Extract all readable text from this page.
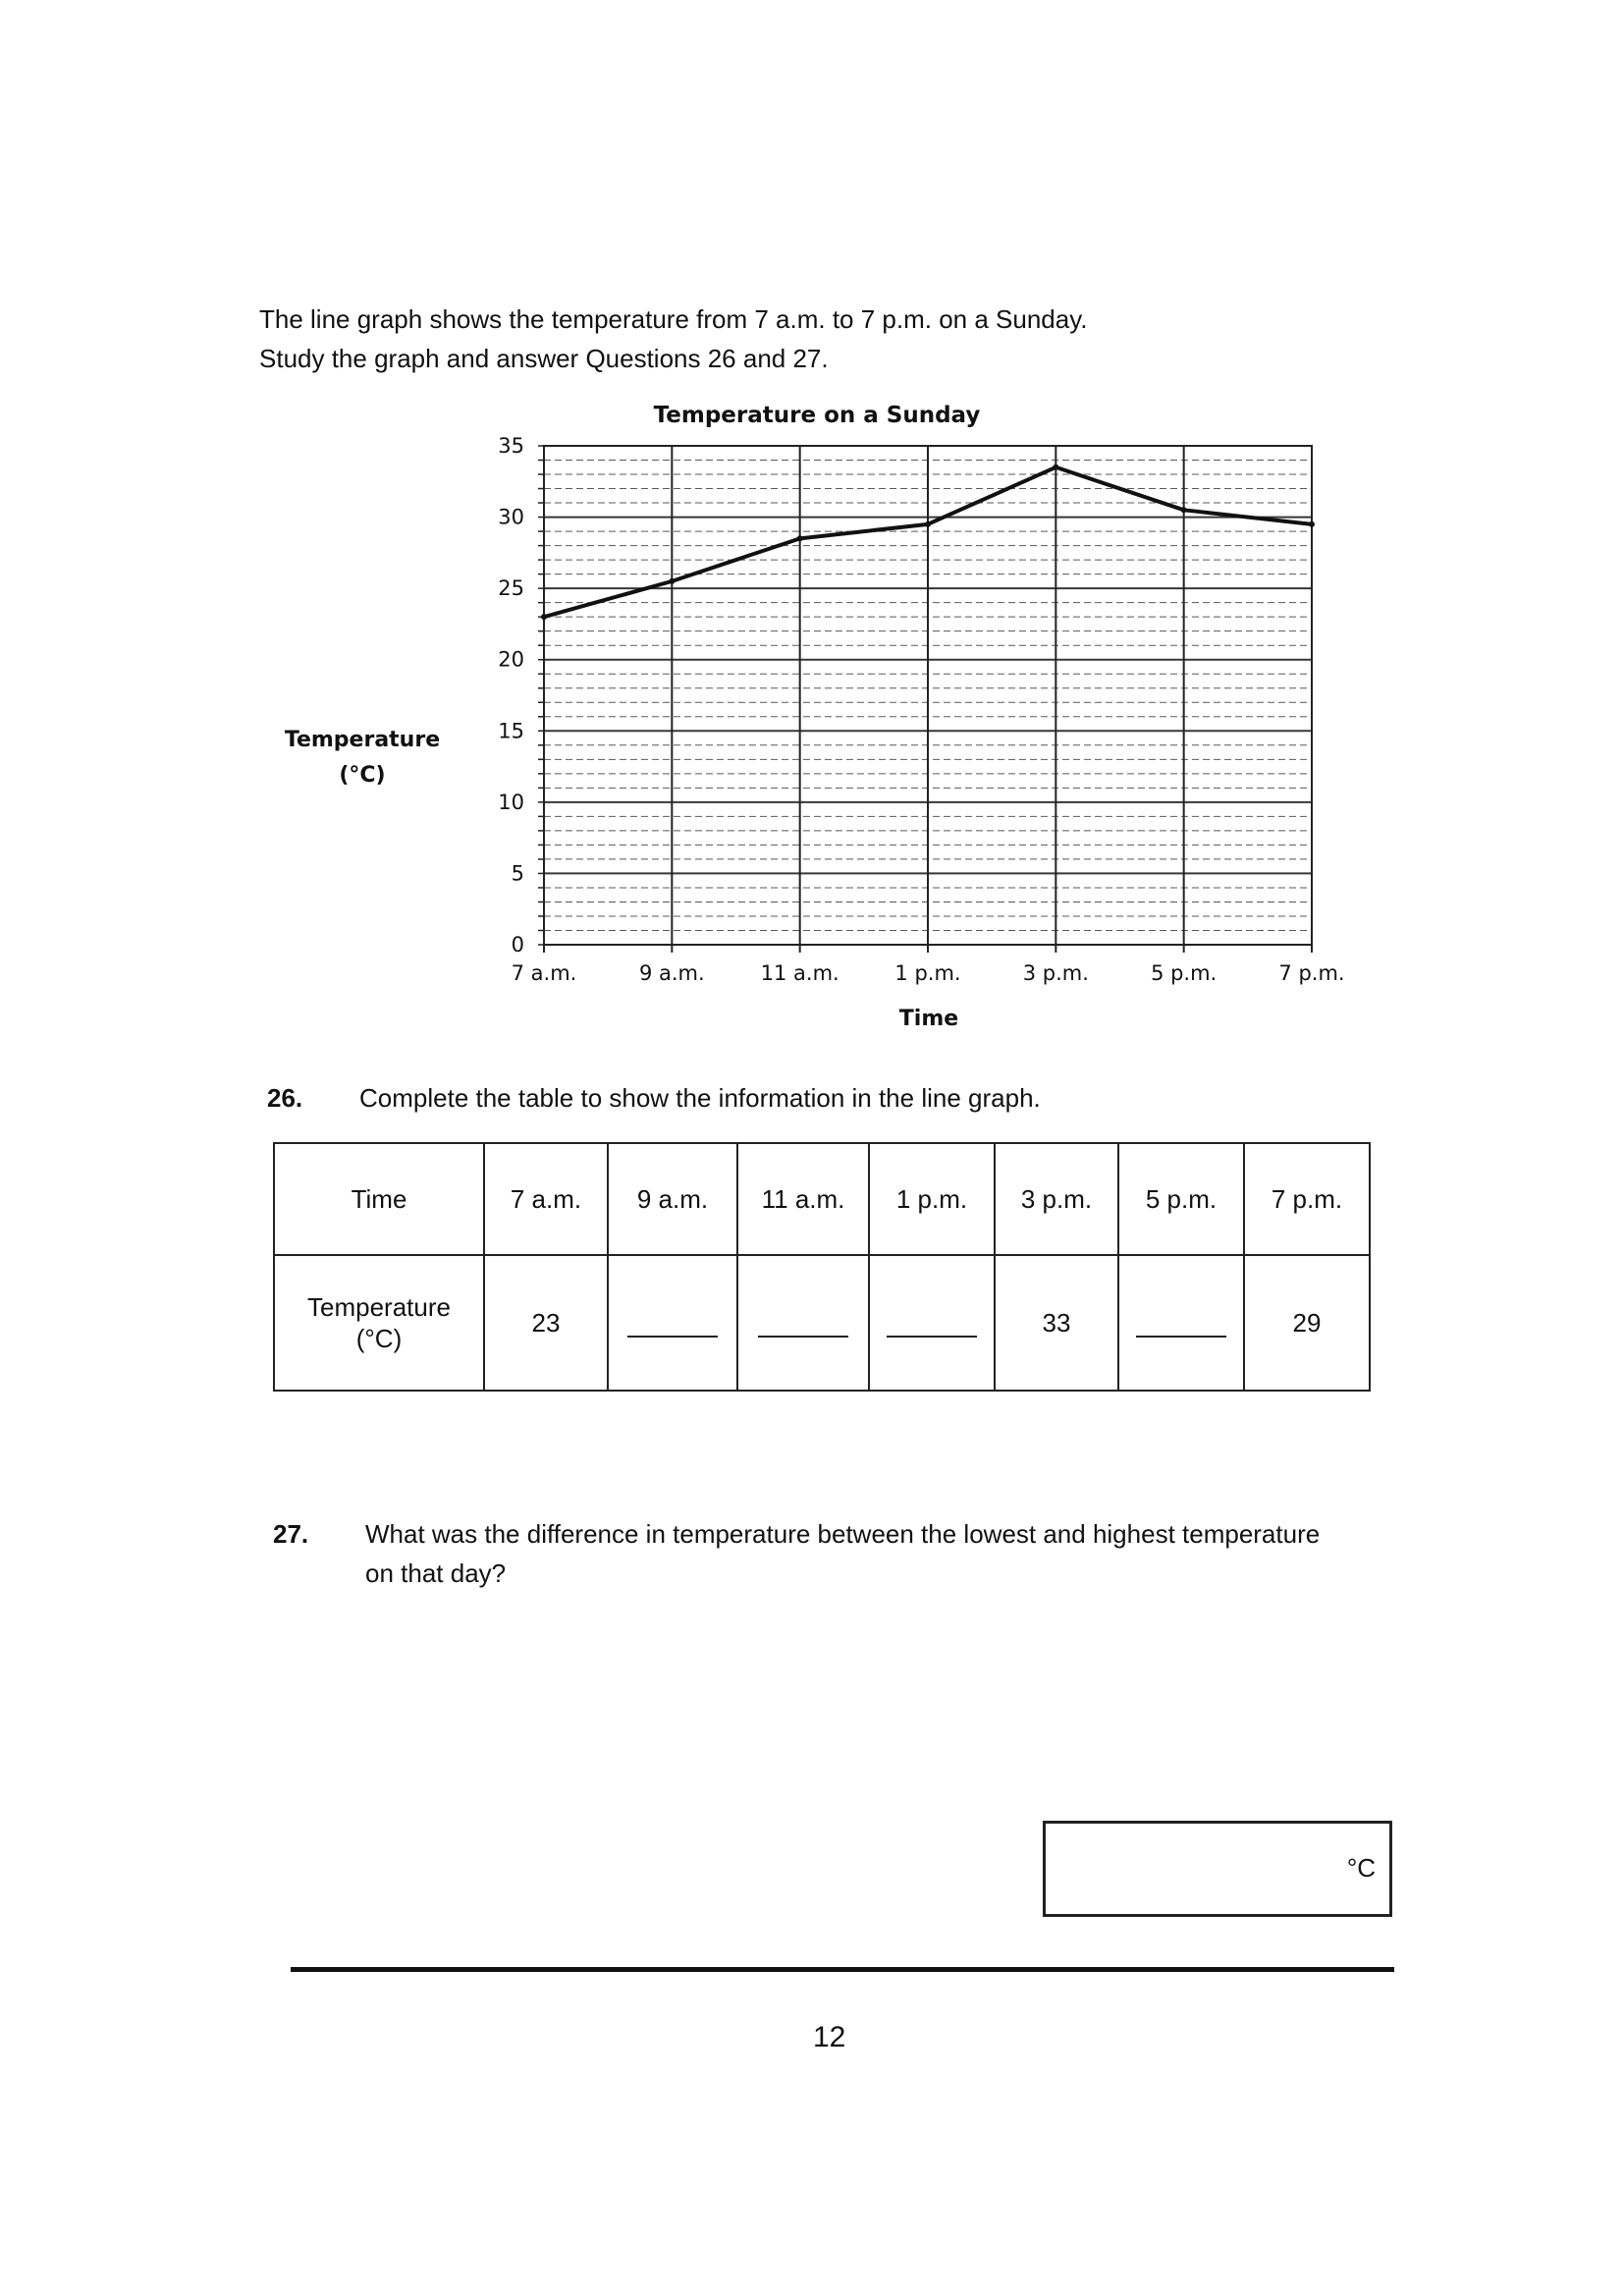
The line graph shows the temperature from 7 a.m. to 7 p.m. on a Sunday.
Study the graph and answer Questions 26 and 27.
Temperature on a Sunday
0
5
10
15
20
25
30
35
7 a.m.	9 a.m.	11 a.m.	1 p.m.	3 p.m.	5 p.m.	7 p.m.
Temperature
(°C)
Time
26. Complete the table to show the information in the line graph.
Time	7 a.m.	9 a.m.	11 a.m.	1 p.m.	3 p.m.	5 p.m.	7 p.m.

Temperature
(°C)	23				33		29
27. What was the difference in temperature between the lowest and highest temperature on that day?
°C
12
